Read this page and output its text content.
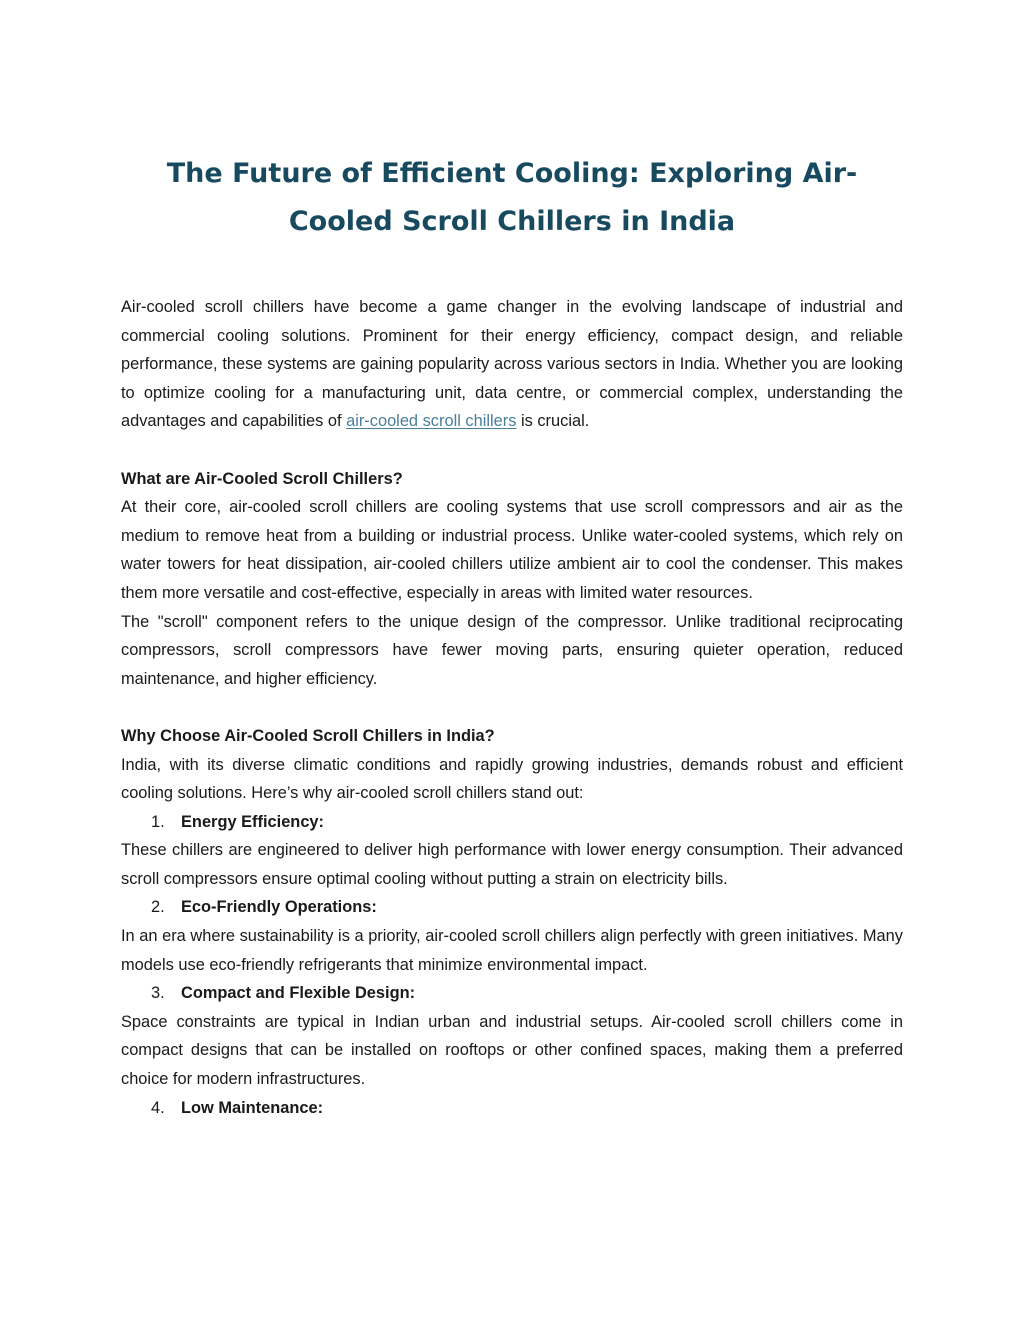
The Future of Efficient Cooling: Exploring Air-Cooled Scroll Chillers in India

Air-cooled scroll chillers have become a game changer in the evolving landscape of industrial and commercial cooling solutions. Prominent for their energy efficiency, compact design, and reliable performance, these systems are gaining popularity across various sectors in India. Whether you are looking to optimize cooling for a manufacturing unit, data centre, or commercial complex, understanding the advantages and capabilities of air-cooled scroll chillers is crucial.

What are Air-Cooled Scroll Chillers?

At their core, air-cooled scroll chillers are cooling systems that use scroll compressors and air as the medium to remove heat from a building or industrial process. Unlike water-cooled systems, which rely on water towers for heat dissipation, air-cooled chillers utilize ambient air to cool the condenser. This makes them more versatile and cost-effective, especially in areas with limited water resources.

The "scroll" component refers to the unique design of the compressor. Unlike traditional reciprocating compressors, scroll compressors have fewer moving parts, ensuring quieter operation, reduced maintenance, and higher efficiency.

Why Choose Air-Cooled Scroll Chillers in India?

India, with its diverse climatic conditions and rapidly growing industries, demands robust and efficient cooling solutions. Here’s why air-cooled scroll chillers stand out:

1. Energy Efficiency:

These chillers are engineered to deliver high performance with lower energy consumption. Their advanced scroll compressors ensure optimal cooling without putting a strain on electricity bills.

2. Eco-Friendly Operations:

In an era where sustainability is a priority, air-cooled scroll chillers align perfectly with green initiatives. Many models use eco-friendly refrigerants that minimize environmental impact.

3. Compact and Flexible Design:

Space constraints are typical in Indian urban and industrial setups. Air-cooled scroll chillers come in compact designs that can be installed on rooftops or other confined spaces, making them a preferred choice for modern infrastructures.

4. Low Maintenance:
